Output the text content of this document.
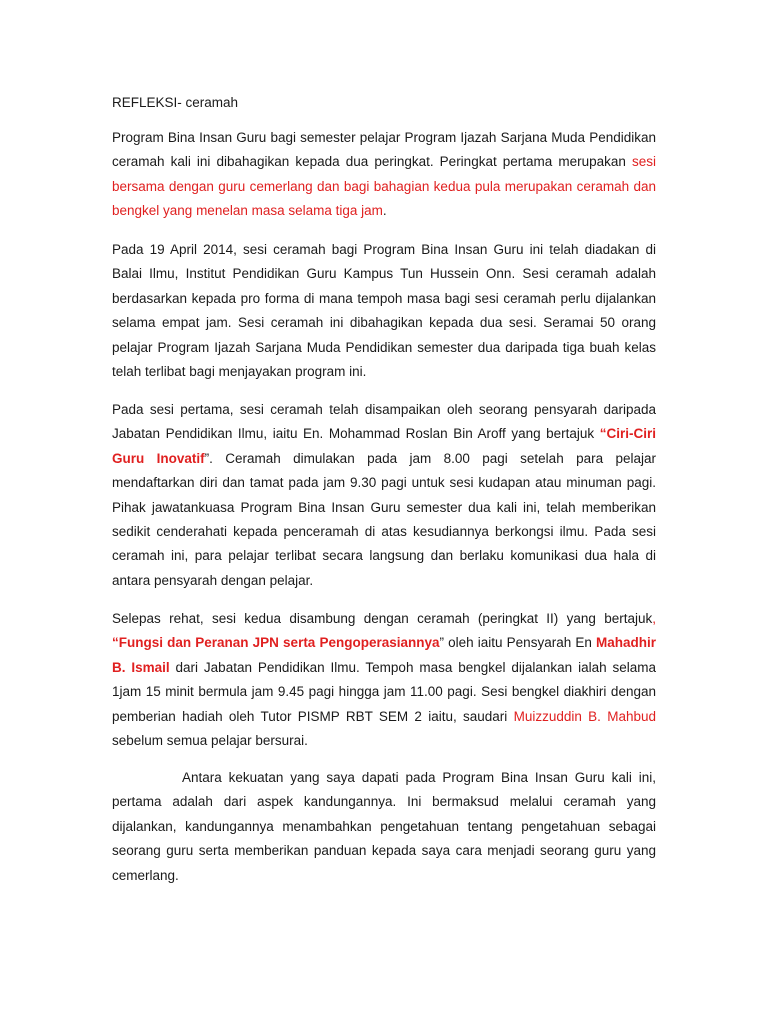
REFLEKSI- ceramah

Program Bina Insan Guru bagi semester pelajar Program Ijazah Sarjana Muda Pendidikan ceramah kali ini dibahagikan kepada dua peringkat. Peringkat pertama merupakan sesi bersama dengan guru cemerlang dan bagi bahagian kedua pula merupakan ceramah dan bengkel yang menelan masa selama tiga jam.

Pada 19 April 2014, sesi ceramah bagi Program Bina Insan Guru ini telah diadakan di Balai Ilmu, Institut Pendidikan Guru Kampus Tun Hussein Onn. Sesi ceramah adalah berdasarkan kepada pro forma di mana tempoh masa bagi sesi ceramah perlu dijalankan selama empat jam. Sesi ceramah ini dibahagikan kepada dua sesi. Seramai 50 orang pelajar Program Ijazah Sarjana Muda Pendidikan semester dua daripada tiga buah kelas telah terlibat bagi menjayakan program ini.

Pada sesi pertama, sesi ceramah telah disampaikan oleh seorang pensyarah daripada Jabatan Pendidikan Ilmu, iaitu En. Mohammad Roslan Bin Aroff yang bertajuk “Ciri-Ciri Guru Inovatif”. Ceramah dimulakan pada jam 8.00 pagi setelah para pelajar mendaftarkan diri dan tamat pada jam 9.30 pagi untuk sesi kudapan atau minuman pagi. Pihak jawatankuasa Program Bina Insan Guru semester dua kali ini, telah memberikan sedikit cenderahati kepada penceramah di atas kesudiannya berkongsi ilmu. Pada sesi ceramah ini, para pelajar terlibat secara langsung dan berlaku komunikasi dua hala di antara pensyarah dengan pelajar.

Selepas rehat, sesi kedua disambung dengan ceramah (peringkat II) yang bertajuk, “Fungsi dan Peranan JPN serta Pengoperasiannya” oleh iaitu Pensyarah En Mahadhir B. Ismail dari Jabatan Pendidikan Ilmu. Tempoh masa bengkel dijalankan ialah selama 1jam 15 minit bermula jam 9.45 pagi hingga jam 11.00 pagi. Sesi bengkel diakhiri dengan pemberian hadiah oleh Tutor PISMP RBT SEM 2 iaitu, saudari Muizzuddin B. Mahbud sebelum semua pelajar bersurai.

Antara kekuatan yang saya dapati pada Program Bina Insan Guru kali ini, pertama adalah dari aspek kandungannya. Ini bermaksud melalui ceramah yang dijalankan, kandungannya menambahkan pengetahuan tentang pengetahuan sebagai seorang guru serta memberikan panduan kepada saya cara menjadi seorang guru yang cemerlang.
